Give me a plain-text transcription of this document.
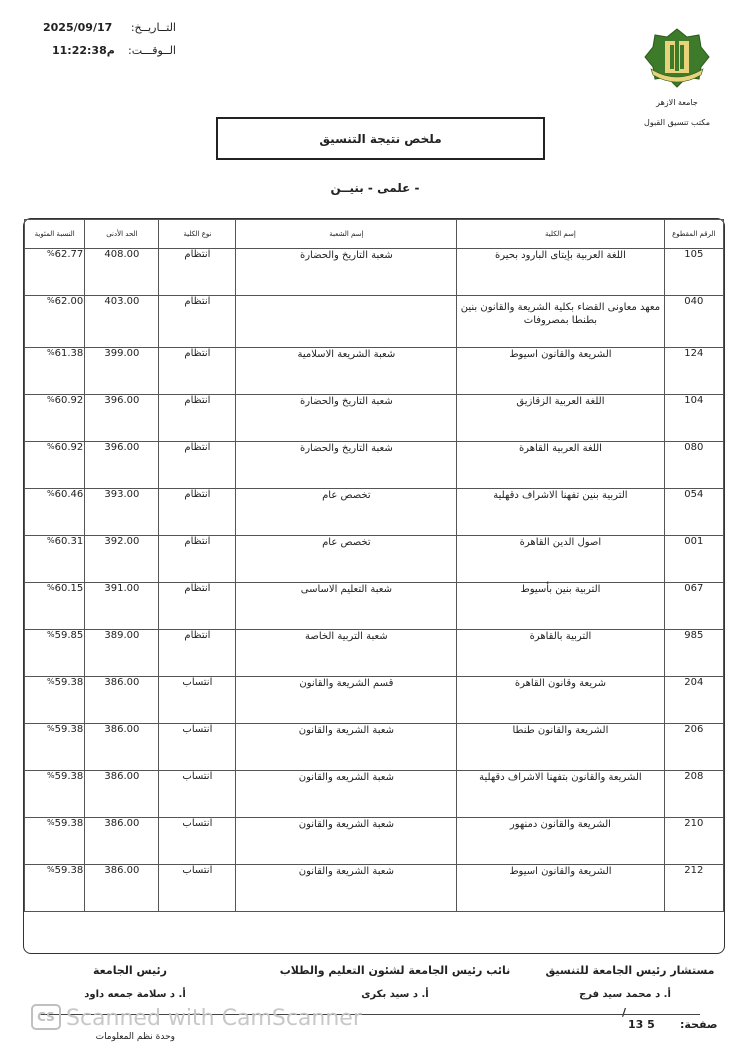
2025/09/17	التــاريــخ:
11:22:38م	الــوقـــت:
جامعة الازهر
مكتب تنسيق القبول
ملخص نتيجة التنسيق
- علمى - بنيــن
النسبة المئوية	الحد الأدنى	نوع الكلية	إسم الشعبة	إسم الكلية	الرقم المقطوع

% 62.77	408.00	انتظام	شعبة التاريخ والحضارة	اللغة العربية بإيتاى البارود بحيرة	105

% 62.00	403.00	انتظام		معهد معاونى القضاء بكلية الشريعة والقانون بنين بطنطا بمصروفات	040

% 61.38	399.00	انتظام	شعبة الشريعة الاسلامية	الشريعة والقانون اسيوط	124

% 60.92	396.00	انتظام	شعبة التاريخ والحضارة	اللغة العربية الزقازيق	104

% 60.92	396.00	انتظام	شعبة التاريخ والحضارة	اللغة العربية القاهرة	080

% 60.46	393.00	انتظام	تخصص عام	التربية بنين تفهنا الاشراف دقهلية	054

% 60.31	392.00	انتظام	تخصص عام	اصول الدين القاهرة	001

% 60.15	391.00	انتظام	شعبة التعليم الاساسى	التربية بنين بأسيوط	067

% 59.85	389.00	انتظام	شعبة التربية الخاصة	التربية بالقاهرة	985

% 59.38	386.00	انتساب	قسم الشريعة والقانون	شريعة وقانون القاهرة	204

% 59.38	386.00	انتساب	شعبة الشريعة والقانون	الشريعة والقانون طنطا	206

% 59.38	386.00	انتساب	شعبة الشريعه والقانون	الشريعة والقانون بتفهنا الاشراف دقهلية	208

% 59.38	386.00	انتساب	شعبة الشريعة والقانون	الشريعة والقانون دمنهور	210

% 59.38	386.00	انتساب	شعبة الشريعة والقانون	الشريعة والقانون اسيوط	212
مستشار رئيس الجامعة للتنسيق
أ. د محمد سيد فرج
نائب رئيس الجامعة لشئون التعليم والطلاب
أ. د سيد بكرى
رئيس الجامعة
أ. د سلامة جمعه داود
/
13 5 صفحة:
CS Scanned with CamScanner
وحدة نظم المعلومات
